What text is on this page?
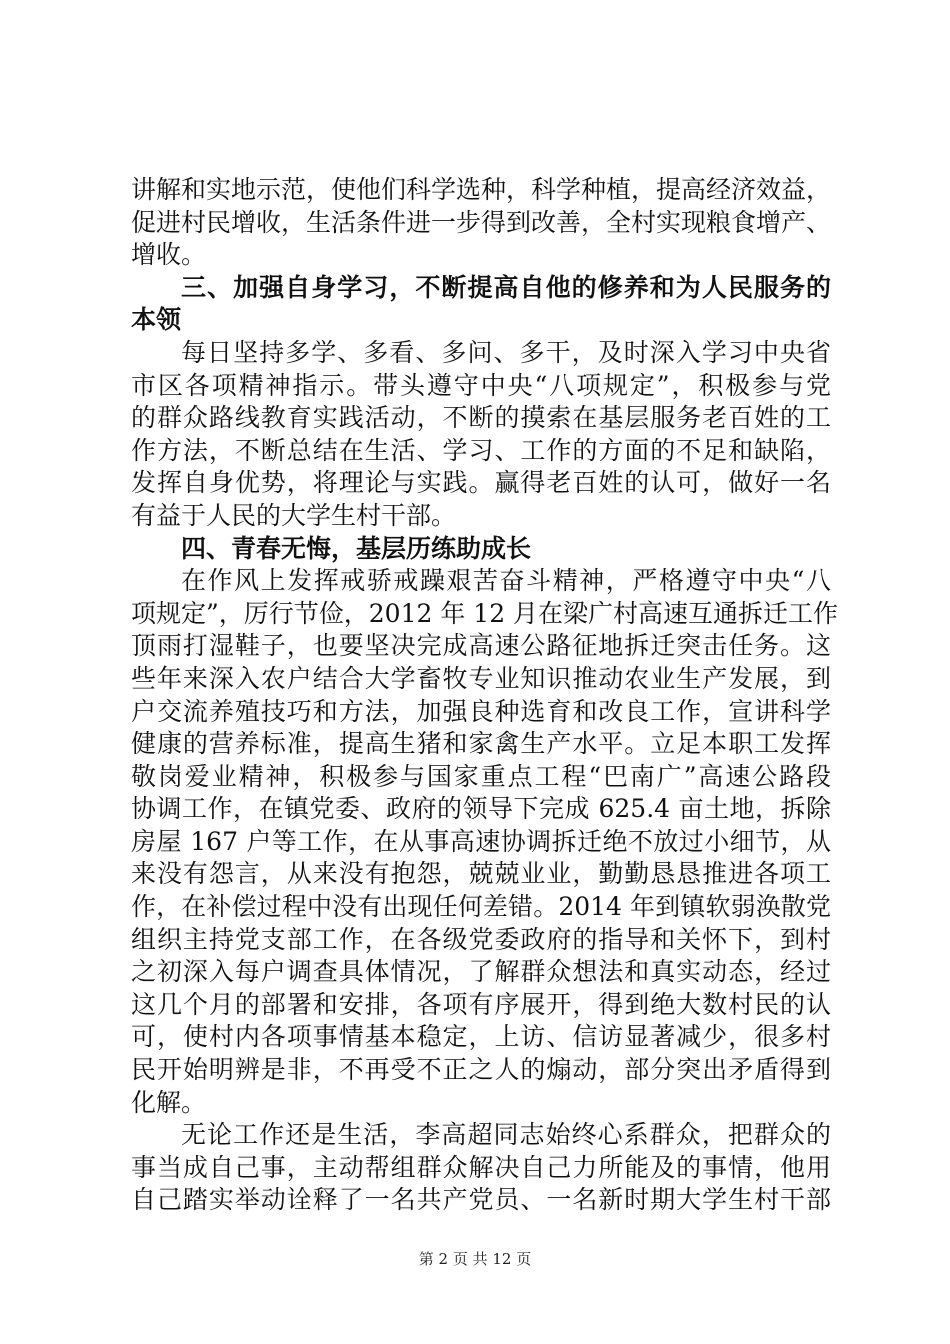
讲解和实地示范，使他们科学选种，科学种植，提高经济效益，
促进村民增收，生活条件进一步得到改善，全村实现粮食增产、
增收。
三、加强自身学习，不断提高自他的修养和为人民服务的
本领
每日坚持多学、多看、多问、多干，及时深入学习中央省
市区各项精神指示。带头遵守中央“八项规定”，积极参与党
的群众路线教育实践活动，不断的摸索在基层服务老百姓的工
作方法，不断总结在生活、学习、工作的方面的不足和缺陷，
发挥自身优势，将理论与实践。赢得老百姓的认可，做好一名
有益于人民的大学生村干部。
四、青春无悔，基层历练助成长
在作风上发挥戒骄戒躁艰苦奋斗精神，严格遵守中央“八
项规定”，厉行节俭，2012 年 12 月在梁广村高速互通拆迁工作
顶雨打湿鞋子，也要坚决完成高速公路征地拆迁突击任务。这
些年来深入农户结合大学畜牧专业知识推动农业生产发展，到
户交流养殖技巧和方法，加强良种选育和改良工作，宣讲科学
健康的营养标准，提高生猪和家禽生产水平。立足本职工发挥
敬岗爱业精神，积极参与国家重点工程“巴南广”高速公路段
协调工作，在镇党委、政府的领导下完成 625.4 亩土地，拆除
房屋 167 户等工作，在从事高速协调拆迁绝不放过小细节，从
来没有怨言，从来没有抱怨，兢兢业业，勤勤恳恳推进各项工
作，在补偿过程中没有出现任何差错。2014 年到镇软弱涣散党
组织主持党支部工作，在各级党委政府的指导和关怀下，到村
之初深入每户调查具体情况，了解群众想法和真实动态，经过
这几个月的部署和安排，各项有序展开，得到绝大数村民的认
可，使村内各项事情基本稳定，上访、信访显著减少，很多村
民开始明辨是非，不再受不正之人的煽动，部分突出矛盾得到
化解。
无论工作还是生活，李高超同志始终心系群众，把群众的
事当成自己事，主动帮组群众解决自己力所能及的事情，他用
自己踏实举动诠释了一名共产党员、一名新时期大学生村干部
第 2 页 共 12 页
